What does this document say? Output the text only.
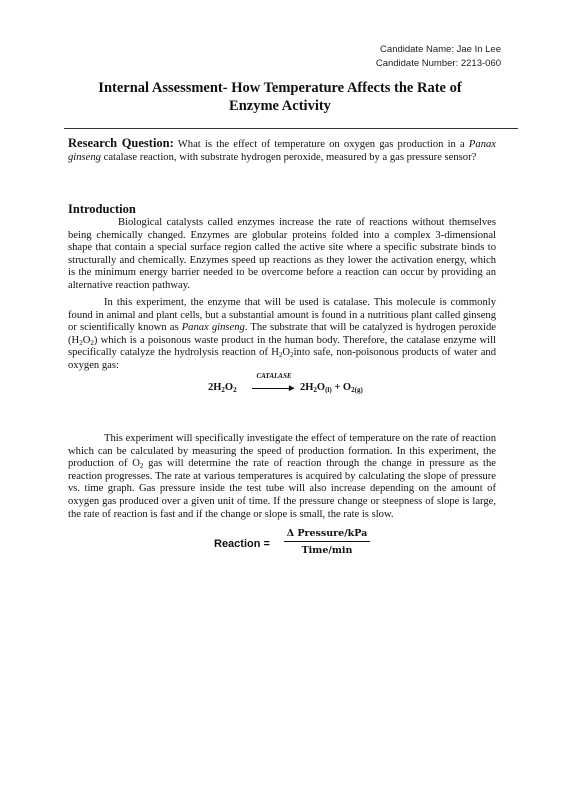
Candidate Name: Jae In Lee
Candidate Number: 2213-060
Internal Assessment- How Temperature Affects the Rate of
Enzyme Activity
Research Question: What is the effect of temperature on oxygen gas production in a Panax ginseng catalase reaction, with substrate hydrogen peroxide, measured by a gas pressure sensor?
Introduction
Biological catalysts called enzymes increase the rate of reactions without themselves being chemically changed. Enzymes are globular proteins folded into a complex 3-dimensional shape that contain a special surface region called the active site where a specific substrate binds to structurally and chemically. Enzymes speed up reactions as they lower the activation energy, which is the minimum energy barrier needed to be overcome before a reaction can occur by providing an alternative reaction pathway.
In this experiment, the enzyme that will be used is catalase. This molecule is commonly found in animal and plant cells, but a substantial amount is found in a nutritious plant called ginseng or scientifically known as Panax ginseng. The substrate that will be catalyzed is hydrogen peroxide $(H_2O_2)$ which is a poisonous waste product in the human body. Therefore, the catalase enzyme will specifically catalyze the hydrolysis reaction of $H_2O_2into$ safe, non-poisonous products of water and oxygen gas:
$2H_2O_2$
CATALASE
▶ $2H_2O_{(l)} + O_{2(g)}$
This experiment will specifically investigate the effect of temperature on the rate of reaction which can be calculated by measuring the speed of production formation. In this experiment, the production of $O_2$ gas will determine the rate of reaction through the change in pressure as the reaction progresses. The rate at various temperatures is acquired by calculating the slope of pressure vs. time graph. Gas pressure inside the test tube will also increase depending on the amount of oxygen gas produced over a given unit of time. If the pressure change or steepness of slope is large, the rate of reaction is fast and if the change or slope is small, the rate is slow.
Reaction =
Δ Pressure/kPa
Time/min
